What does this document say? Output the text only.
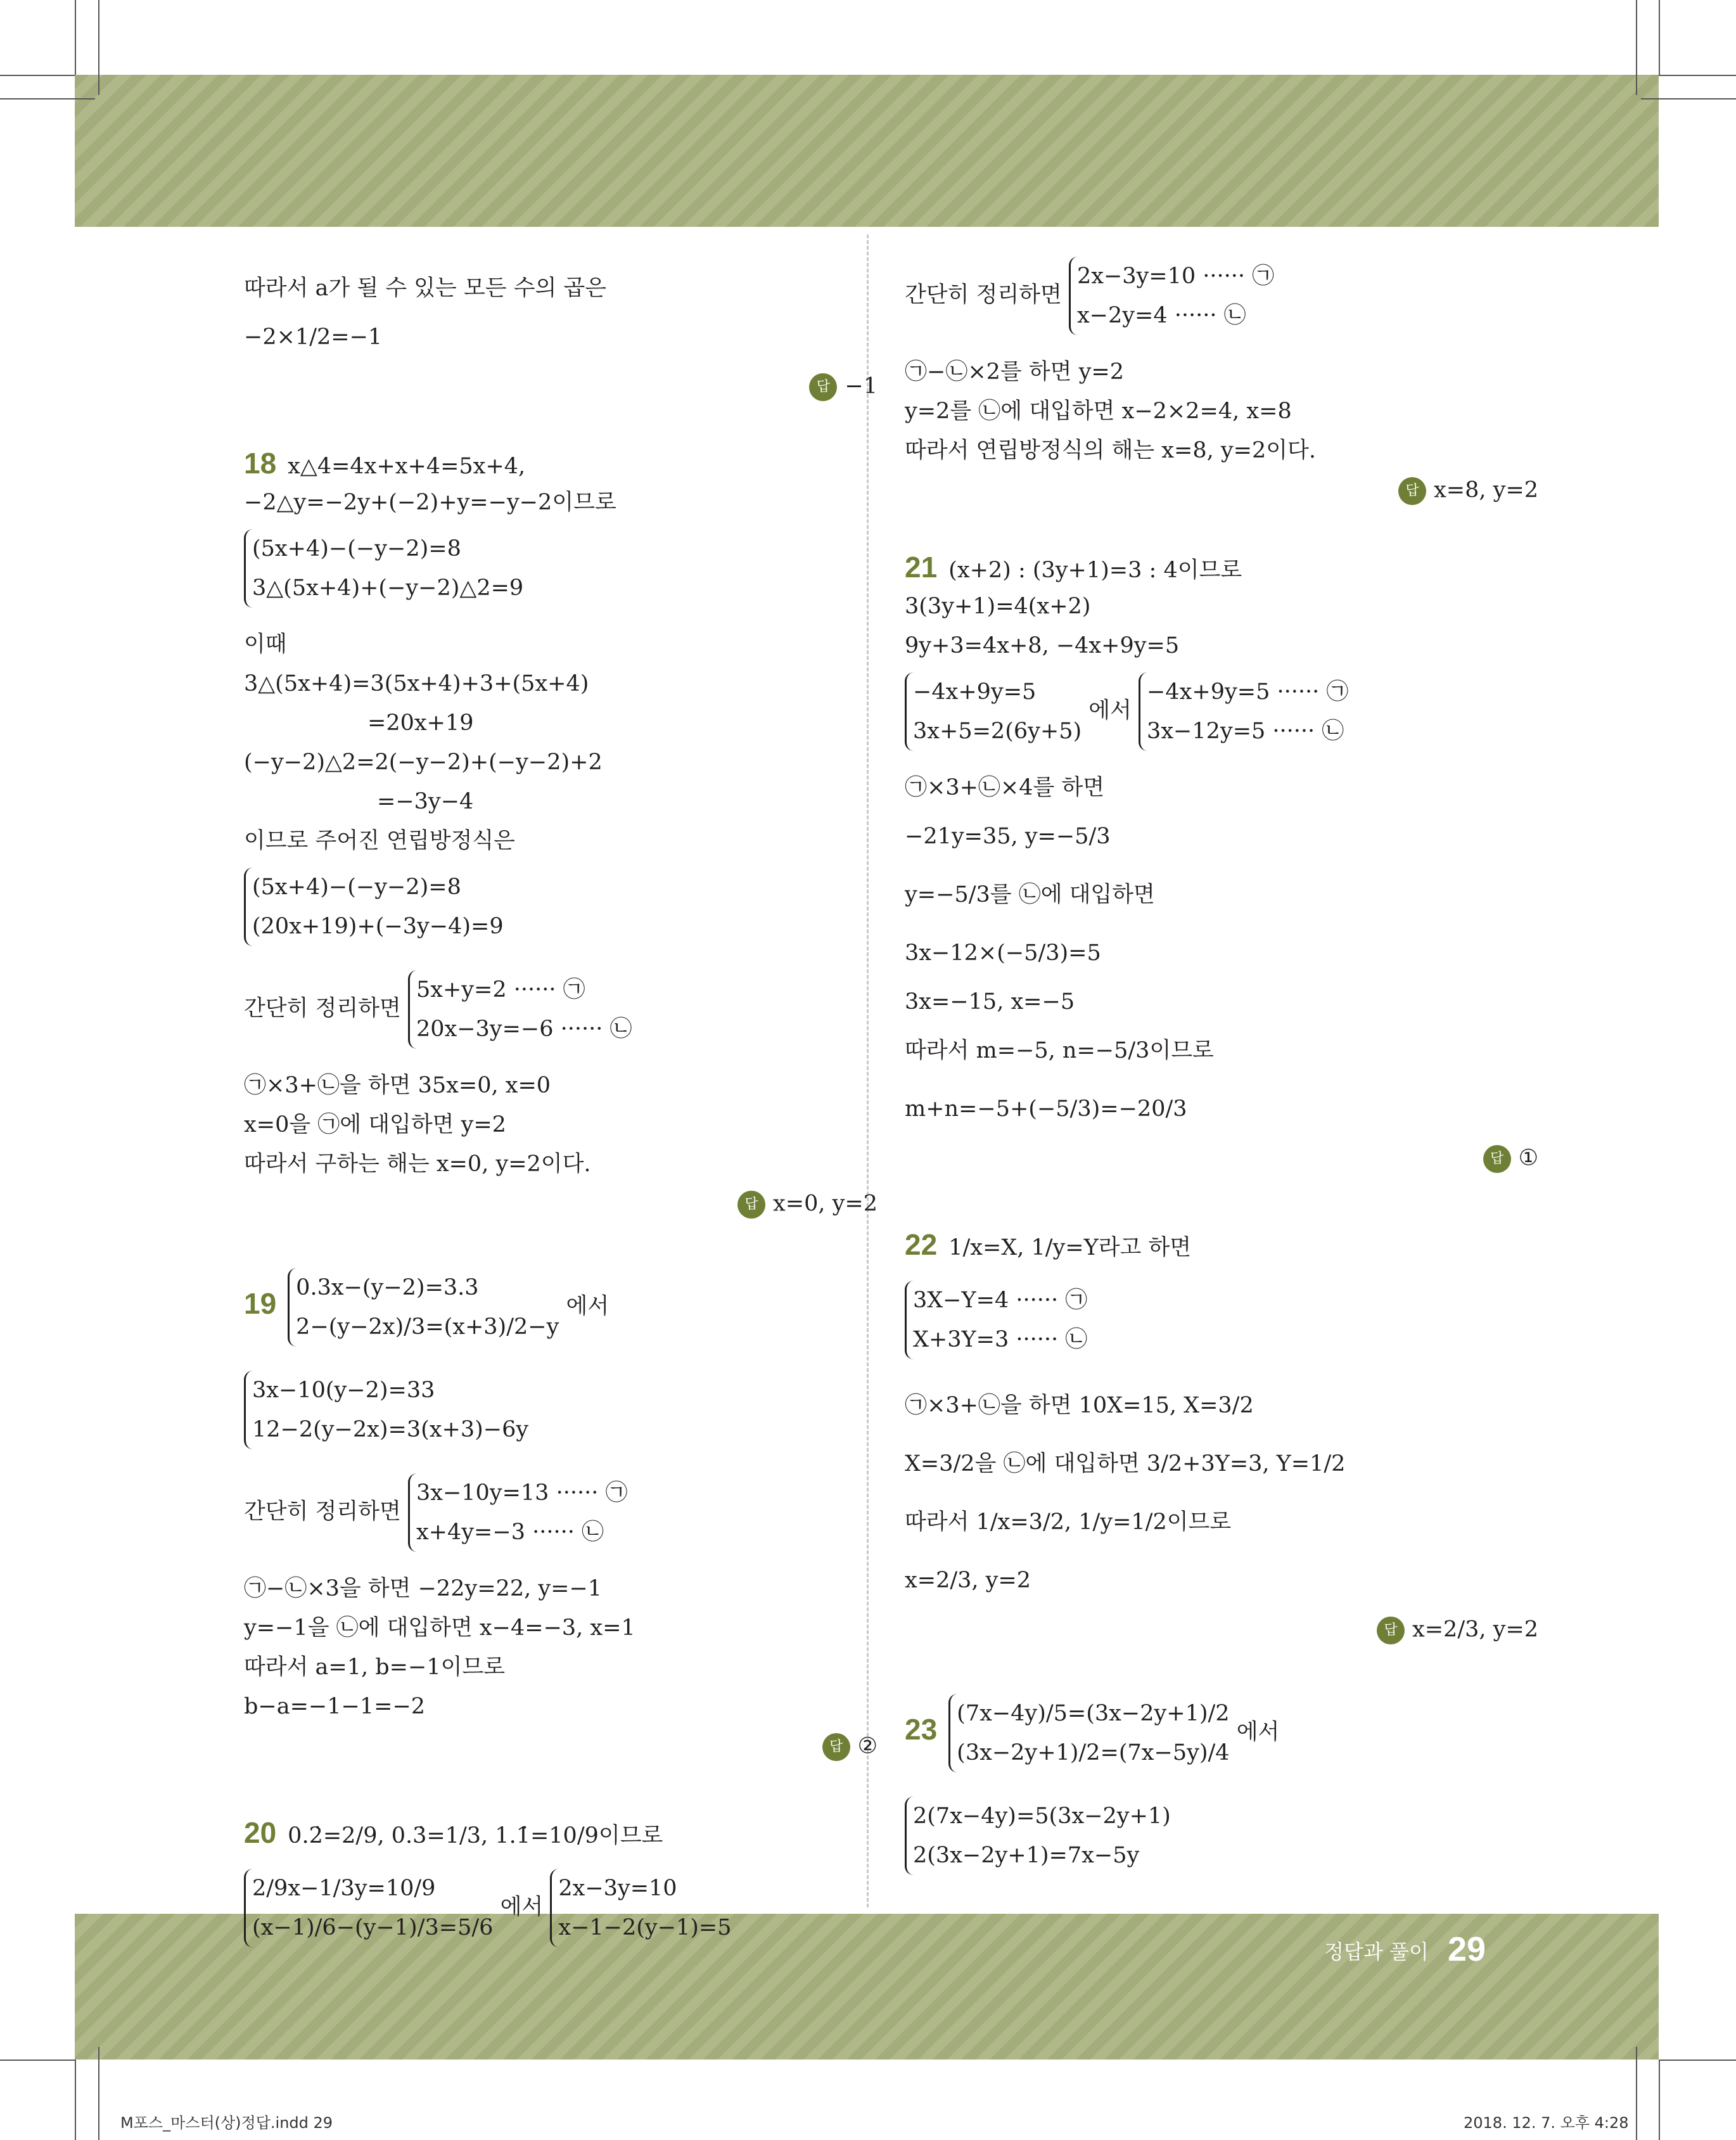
따라서 a가 될 수 있는 모든 수의 곱은
−2×1/2=−1
답 −1
18 x△4=4x+x+4=5x+4,
−2△y=−2y+(−2)+y=−y−2이므로
(5x+4)−(−y−2)=8
3△(5x+4)+(−y−2)△2=9
이때
3△(5x+4)=3(5x+4)+3+(5x+4)
=20x+19
(−y−2)△2=2(−y−2)+(−y−2)+2
=−3y−4
이므로 주어진 연립방정식은
(5x+4)−(−y−2)=8
(20x+19)+(−3y−4)=9
간단히 정리하면 5x+y=2 ······ ㉠
20x−3y=−6 ······ ㉡
㉠×3+㉡을 하면 35x=0, x=0
x=0을 ㉠에 대입하면 y=2
따라서 구하는 해는 x=0, y=2이다.
답 x=0, y=2
19 0.3x−(y−2)=3.3
2−(y−2x)/3=(x+3)/2−y 에서
3x−10(y−2)=33
12−2(y−2x)=3(x+3)−6y
간단히 정리하면 3x−10y=13 ······ ㉠
x+4y=−3 ······ ㉡
㉠−㉡×3을 하면 −22y=22, y=−1
y=−1을 ㉡에 대입하면 x−4=−3, x=1
따라서 a=1, b=−1이므로
b−a=−1−1=−2
답 ②
20 0.2̇=2/9, 0.3̇=1/3, 1.1̇=10/9이므로
2/9x−1/3y=10/9
(x−1)/6−(y−1)/3=5/6 에서 2x−3y=10
x−1−2(y−1)=5
간단히 정리하면 2x−3y=10 ······ ㉠
x−2y=4 ······ ㉡
㉠−㉡×2를 하면 y=2
y=2를 ㉡에 대입하면 x−2×2=4, x=8
따라서 연립방정식의 해는 x=8, y=2이다.
답 x=8, y=2
21 (x+2) : (3y+1)=3 : 4이므로
3(3y+1)=4(x+2)
9y+3=4x+8, −4x+9y=5
−4x+9y=5
3x+5=2(6y+5) 에서 −4x+9y=5 ······ ㉠
3x−12y=5 ······ ㉡
㉠×3+㉡×4를 하면
−21y=35, y=−5/3
y=−5/3를 ㉡에 대입하면
3x−12×(−5/3)=5
3x=−15, x=−5
따라서 m=−5, n=−5/3이므로
m+n=−5+(−5/3)=−20/3
답 ①
22 1/x=X, 1/y=Y라고 하면
3X−Y=4 ······ ㉠
X+3Y=3 ······ ㉡
㉠×3+㉡을 하면 10X=15, X=3/2
X=3/2을 ㉡에 대입하면 3/2+3Y=3, Y=1/2
따라서 1/x=3/2, 1/y=1/2이므로
x=2/3, y=2
답 x=2/3, y=2
23 (7x−4y)/5=(3x−2y+1)/2
(3x−2y+1)/2=(7x−5y)/4 에서
2(7x−4y)=5(3x−2y+1)
2(3x−2y+1)=7x−5y
정답과 풀이 29
M포스_마스터(상)정답.indd 29	2018. 12. 7. 오후 4:28
